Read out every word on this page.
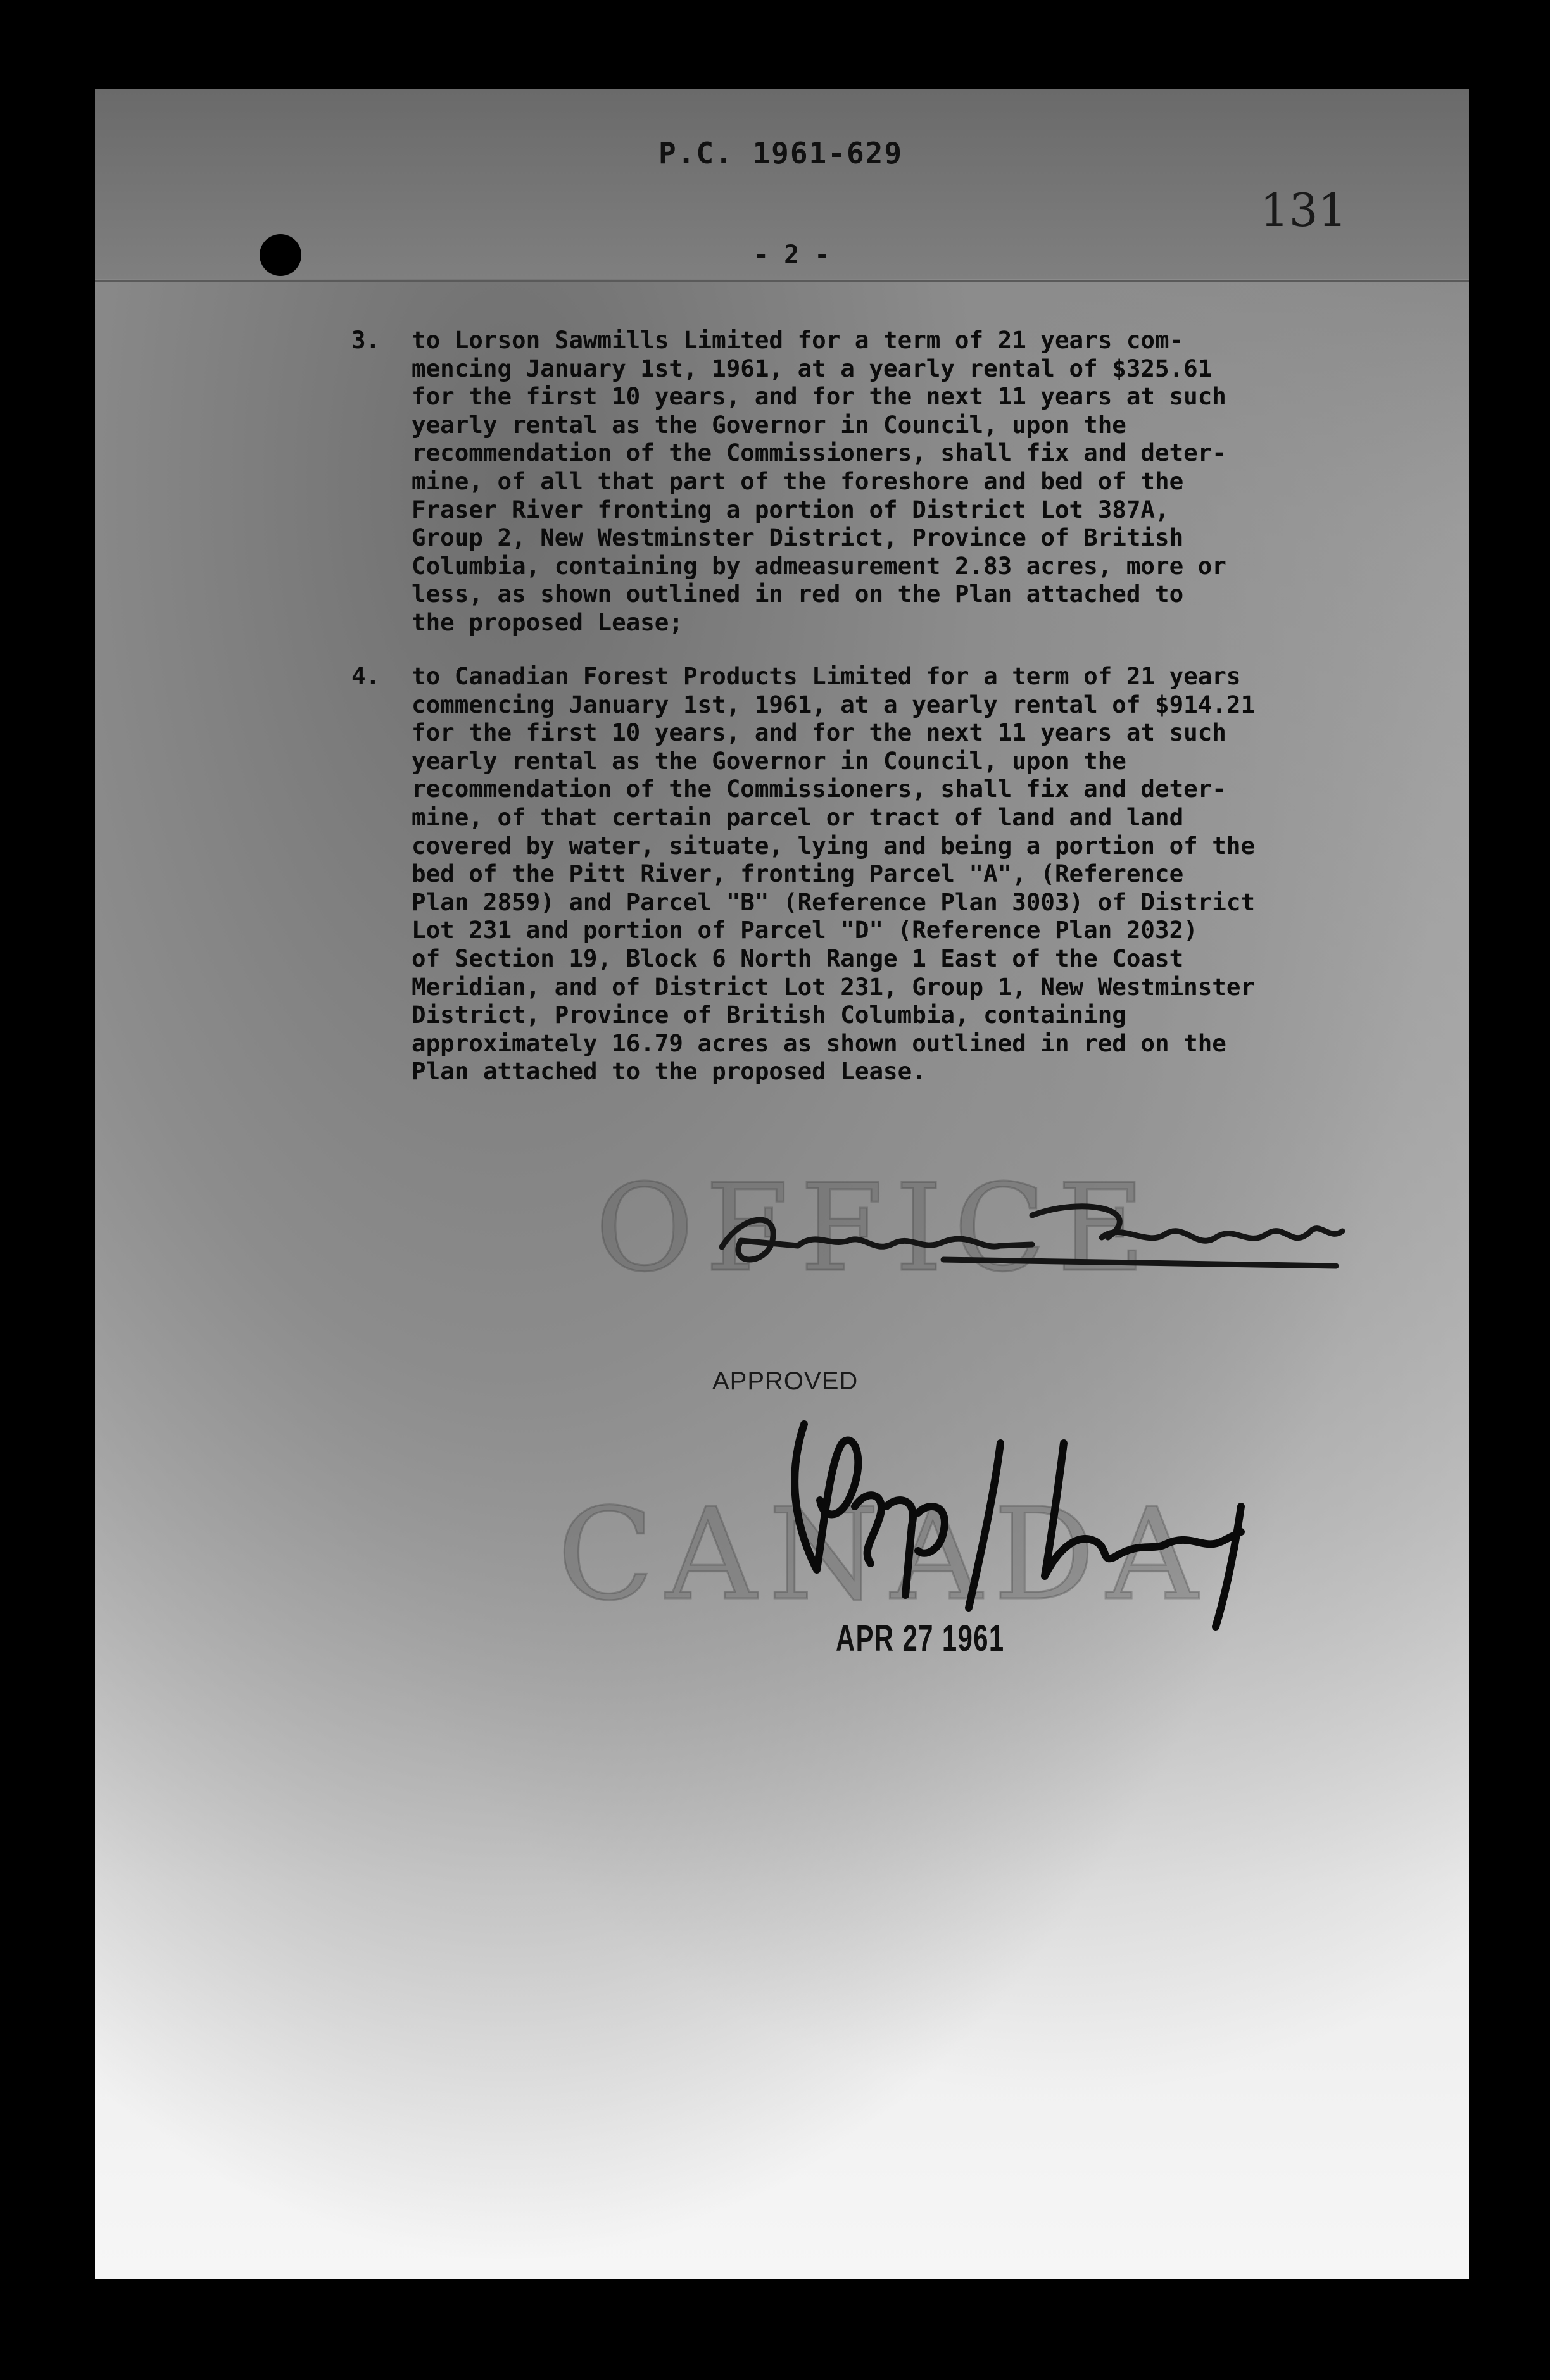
P.C. 1961-629
131
- 2 -
3. to Lorson Sawmills Limited for a term of 21 years com-
mencing January 1st, 1961, at a yearly rental of $325.61
for the first 10 years, and for the next 11 years at such
yearly rental as the Governor in Council, upon the
recommendation of the Commissioners, shall fix and deter-
mine, of all that part of the foreshore and bed of the
Fraser River fronting a portion of District Lot 387A,
Group 2, New Westminster District, Province of British
Columbia, containing by admeasurement 2.83 acres, more or
less, as shown outlined in red on the Plan attached to
the proposed Lease;
4. to Canadian Forest Products Limited for a term of 21 years
commencing January 1st, 1961, at a yearly rental of $914.21
for the first 10 years, and for the next 11 years at such
yearly rental as the Governor in Council, upon the
recommendation of the Commissioners, shall fix and deter-
mine, of that certain parcel or tract of land and land
covered by water, situate, lying and being a portion of the
bed of the Pitt River, fronting Parcel "A", (Reference
Plan 2859) and Parcel "B" (Reference Plan 3003) of District
Lot 231 and portion of Parcel "D" (Reference Plan 2032)
of Section 19, Block 6 North Range 1 East of the Coast
Meridian, and of District Lot 231, Group 1, New Westminster
District, Province of British Columbia, containing
approximately 16.79 acres as shown outlined in red on the
Plan attached to the proposed Lease.
OFFICE
CANADA
APPROVED
APR 27 1961
